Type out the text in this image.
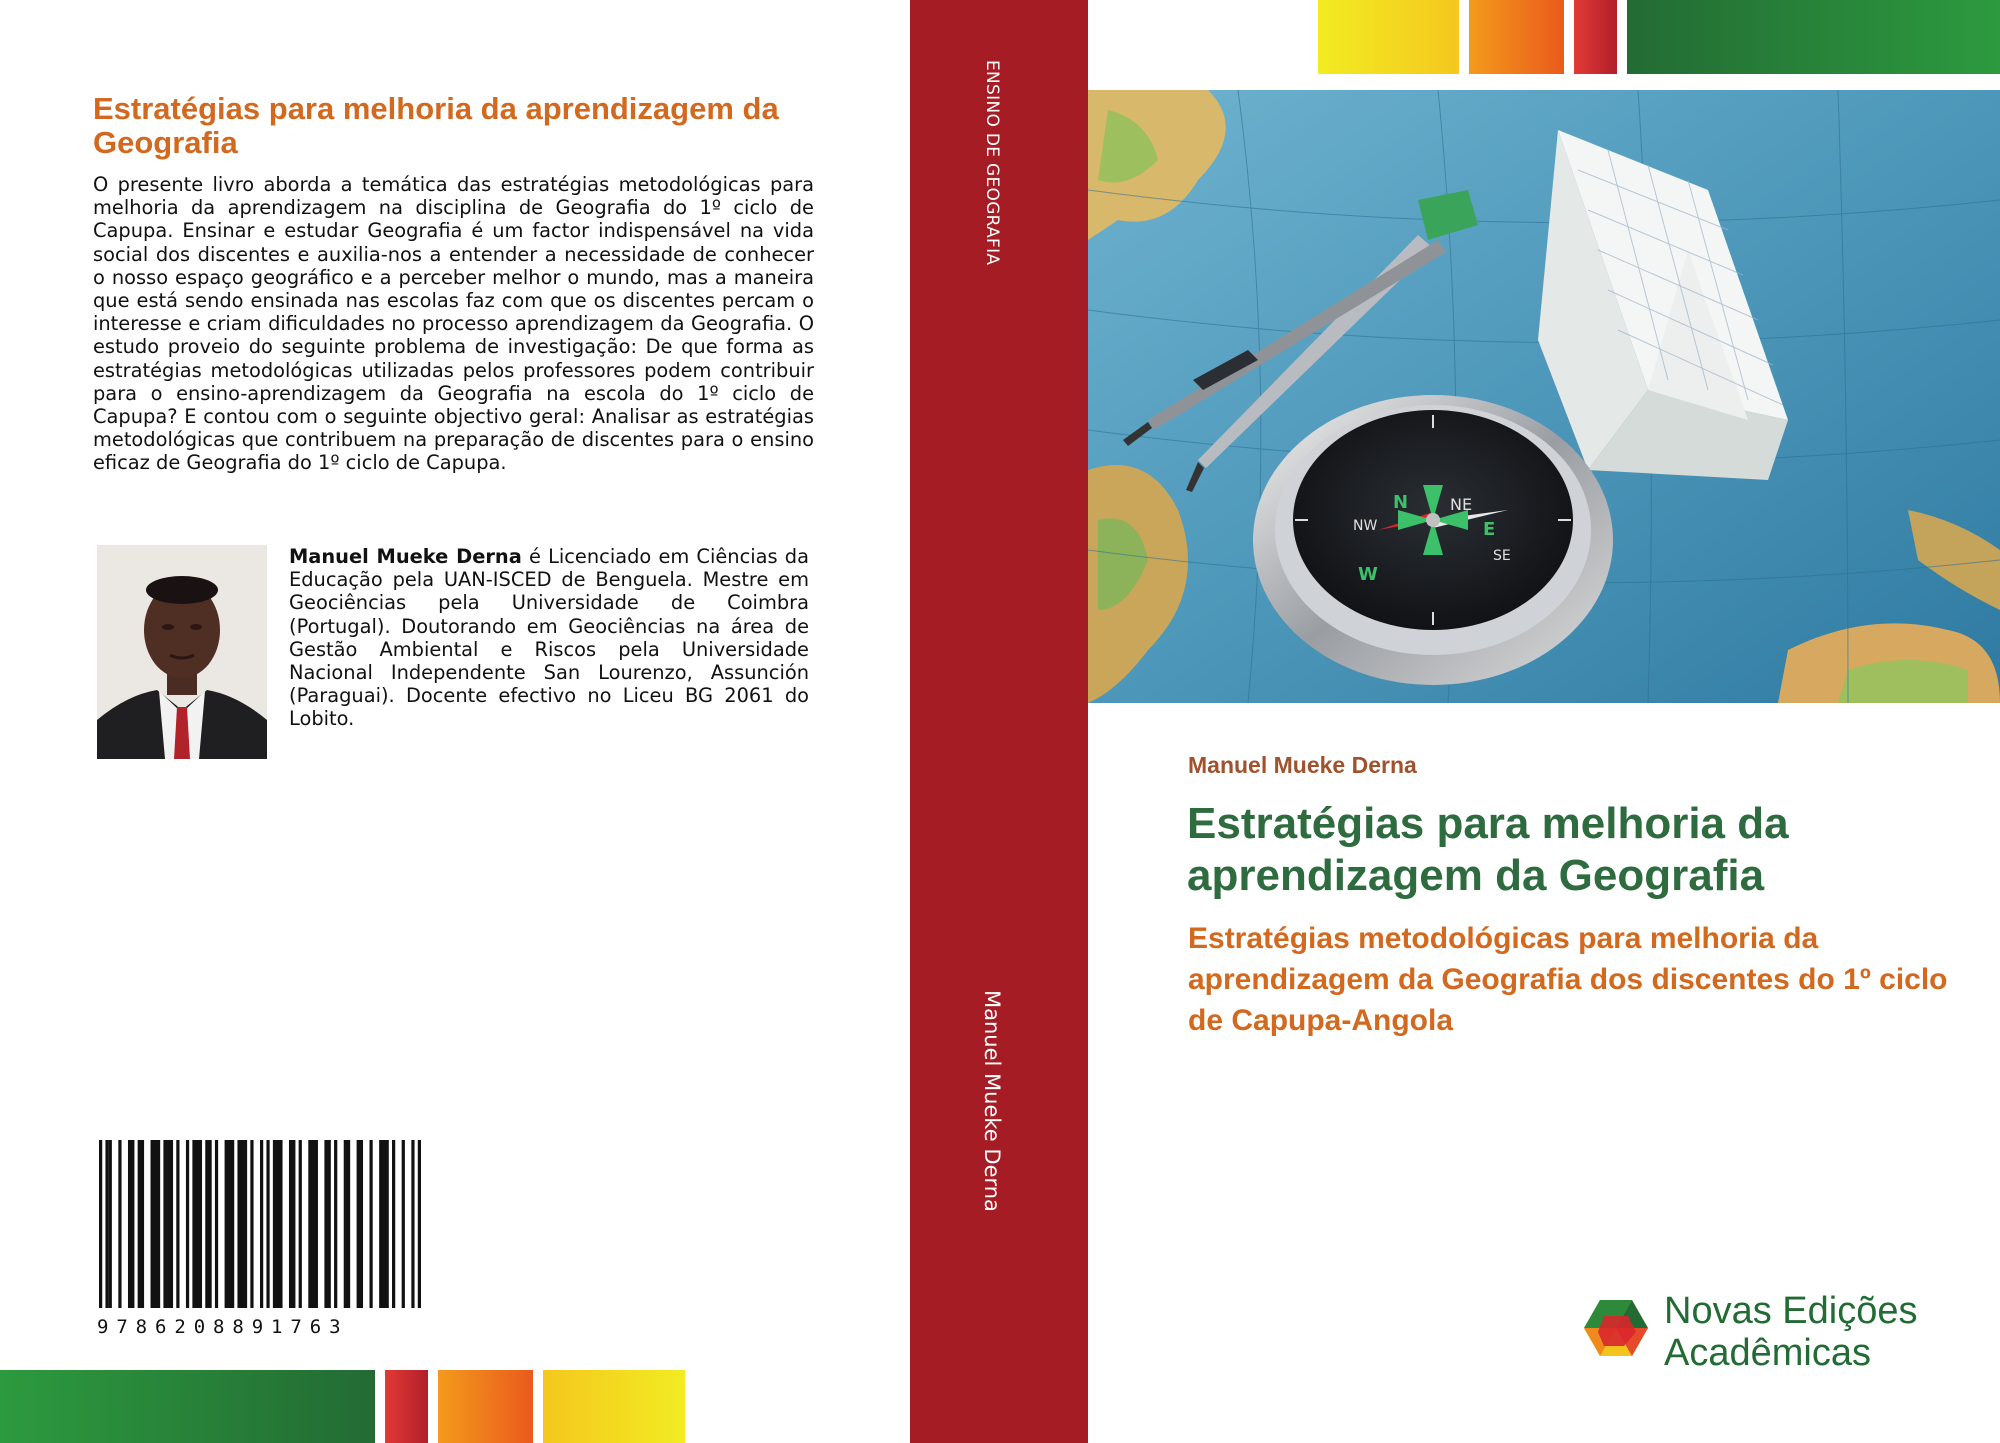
Estratégias para melhoria da aprendizagem da Geografia
O presente livro aborda a temática das estratégias metodológicas para melhoria da aprendizagem na disciplina de Geografia do 1º ciclo de Capupa. Ensinar e estudar Geografia é um factor indispensável na vida social dos discentes e auxilia-nos a entender a necessidade de conhecer o nosso espaço geográfico e a perceber melhor o mundo, mas a maneira que está sendo ensinada nas escolas faz com que os discentes percam o interesse e criam dificuldades no processo aprendizagem da Geografia. O estudo proveio do seguinte problema de investigação: De que forma as estratégias metodológicas utilizadas pelos professores podem contribuir para o ensino-aprendizagem da Geografia na escola do 1º ciclo de Capupa? E contou com o seguinte objectivo geral: Analisar as estratégias metodológicas que contribuem na preparação de discentes para o ensino eficaz de Geografia do 1º ciclo de Capupa.
Manuel Mueke Derna é Licenciado em Ciências da Educação pela UAN-ISCED de Benguela. Mestre em Geociências pela Universidade de Coimbra (Portugal). Doutorando em Geociências na área de Gestão Ambiental e Riscos pela Universidade Nacional Independente San Lourenzo, Assunción (Paraguai). Docente efectivo no Liceu BG 2061 do Lobito.
9786208891763
ENSINO DE GEOGRAFIA
Manuel Mueke Derna
N	NE
E
SE
NW
W
Manuel Mueke Derna
Estratégias para melhoria da aprendizagem da Geografia
Estratégias metodológicas para melhoria da aprendizagem da Geografia dos discentes do 1º ciclo de Capupa-Angola
Novas Edições
Acadêmicas
